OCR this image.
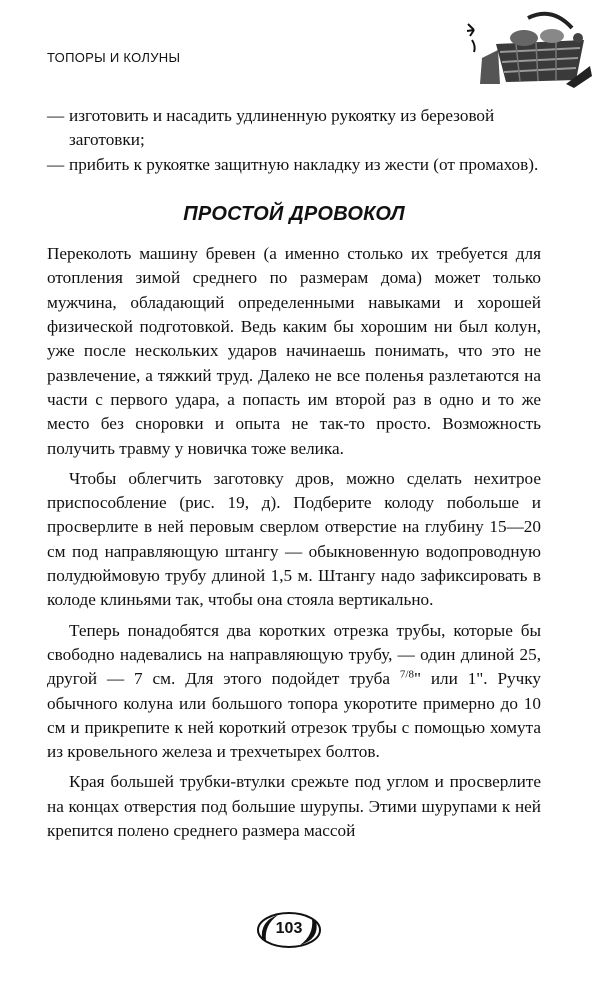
ТОПОРЫ И КОЛУНЫ
— изготовить и насадить удлиненную рукоятку из березовой заготовки;
— прибить к рукоятке защитную накладку из жести (от промахов).
ПРОСТОЙ ДРОВОКОЛ

Переколоть машину бревен (а именно столько их требуется для отопления зимой среднего по размерам дома) может только мужчина, обладающий определенными навыками и хорошей физической подготовкой. Ведь каким бы хорошим ни был колун, уже после нескольких ударов начинаешь понимать, что это не развлечение, а тяжкий труд. Далеко не все поленья разлетаются на части с первого удара, а попасть им второй раз в одно и то же место без сноровки и опыта не так-то просто. Возможность получить травму у новичка тоже велика.

Чтобы облегчить заготовку дров, можно сделать нехитрое приспособление (рис. 19, д). Подберите колоду побольше и просверлите в ней перовым сверлом отверстие на глубину 15—20 см под направляющую штангу — обыкновенную водопроводную полудюймовую трубу длиной 1,5 м. Штангу надо зафиксировать в колоде клиньями так, чтобы она стояла вертикально.

Теперь понадобятся два коротких отрезка трубы, которые бы свободно надевались на направляющую трубу, — один длиной 25, другой — 7 см. Для этого подойдет труба $^{7/8}$" или 1". Ручку обычного колуна или большого топора укоротите примерно до 10 см и прикрепите к ней короткий отрезок трубы с помощью хомута из кровельного железа и трехчетырех болтов.

Края большей трубки-втулки срежьте под углом и просверлите на концах отверстия под большие шурупы. Этими шурупами к ней крепится полено среднего размера массой

103
